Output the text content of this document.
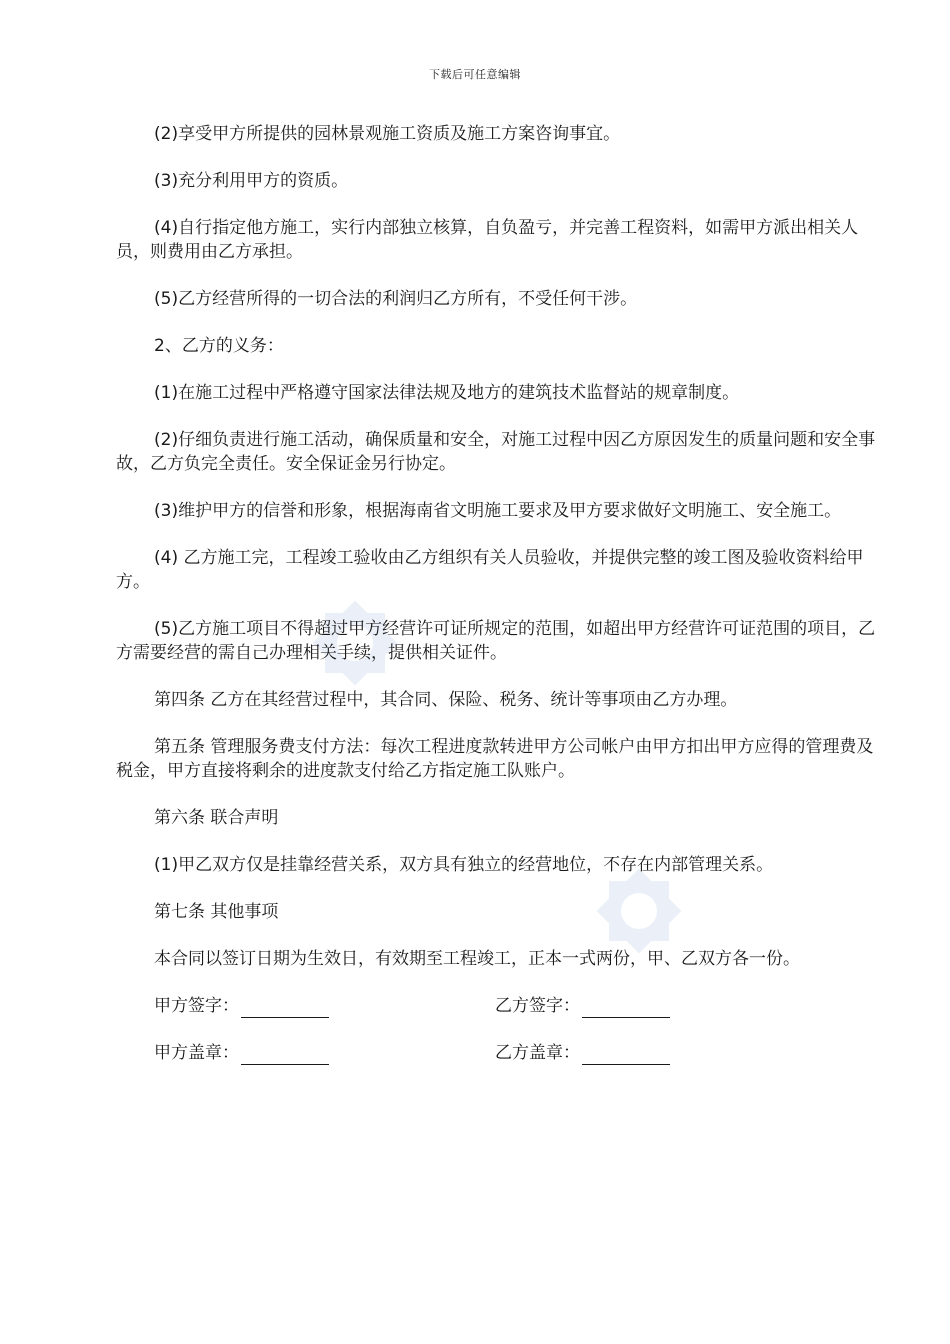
下载后可任意编辑

(2)享受甲方所提供的园林景观施工资质及施工方案咨询事宜。

(3)充分利用甲方的资质。

(4)自行指定他方施工，实行内部独立核算，自负盈亏，并完善工程资料，如需甲方派出相关人员，则费用由乙方承担。

(5)乙方经营所得的一切合法的利润归乙方所有，不受任何干涉。

2、乙方的义务：

(1)在施工过程中严格遵守国家法律法规及地方的建筑技术监督站的规章制度。

(2)仔细负责进行施工活动，确保质量和安全，对施工过程中因乙方原因发生的质量问题和安全事故，乙方负完全责任。安全保证金另行协定。

(3)维护甲方的信誉和形象，根据海南省文明施工要求及甲方要求做好文明施工、安全施工。

(4) 乙方施工完，工程竣工验收由乙方组织有关人员验收，并提供完整的竣工图及验收资料给甲方。

(5)乙方施工项目不得超过甲方经营许可证所规定的范围，如超出甲方经营许可证范围的项目，乙方需要经营的需自己办理相关手续，提供相关证件。

第四条 乙方在其经营过程中，其合同、保险、税务、统计等事项由乙方办理。

第五条 管理服务费支付方法：每次工程进度款转进甲方公司帐户由甲方扣出甲方应得的管理费及税金，甲方直接将剩余的进度款支付给乙方指定施工队账户。

第六条 联合声明

(1)甲乙双方仅是挂靠经营关系，双方具有独立的经营地位，不存在内部管理关系。

第七条 其他事项

本合同以签订日期为生效日，有效期至工程竣工，正本一式两份，甲、乙双方各一份。

甲方签字：	乙方签字：
甲方盖章：	乙方盖章：
